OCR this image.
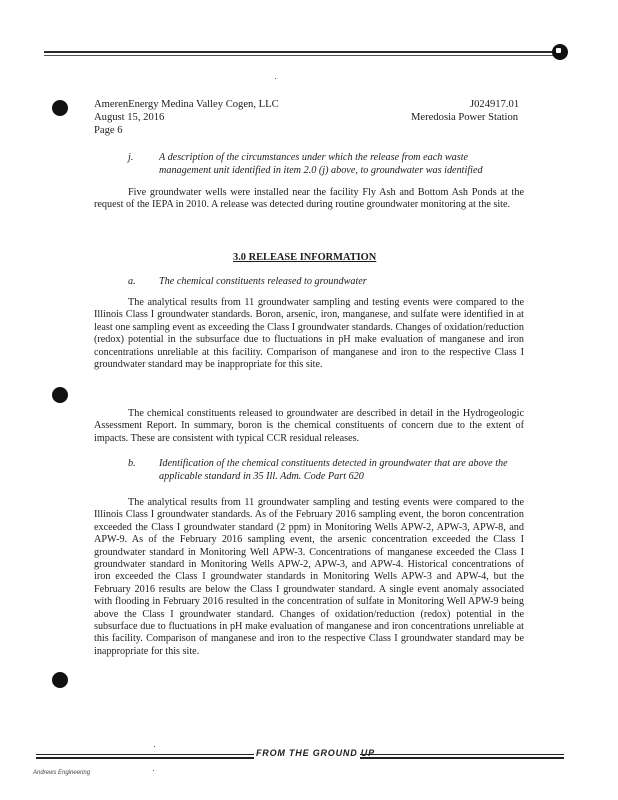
AmerenEnergy Medina Valley Cogen, LLC
August 15, 2016
Page 6
J024917.01
Meredosia Power Station
j.	A description of the circumstances under which the release from each waste management unit identified in item 2.0 (j) above, to groundwater was identified
Five groundwater wells were installed near the facility Fly Ash and Bottom Ash Ponds at the request of the IEPA in 2010. A release was detected during routine groundwater monitoring at the site.
3.0 RELEASE INFORMATION
a. The chemical constituents released to groundwater
The analytical results from 11 groundwater sampling and testing events were compared to the Illinois Class I groundwater standards. Boron, arsenic, iron, manganese, and sulfate were identified in at least one sampling event as exceeding the Class I groundwater standards. Changes of oxidation/reduction (redox) potential in the subsurface due to fluctuations in pH make evaluation of manganese and iron concentrations unreliable at this facility. Comparison of manganese and iron to the respective Class I groundwater standard may be inappropriate for this site.
The chemical constituents released to groundwater are described in detail in the Hydrogeologic Assessment Report. In summary, boron is the chemical constituents of concern due to the extent of impacts. These are consistent with typical CCR residual releases.
b. Identification of the chemical constituents detected in groundwater that are above the applicable standard in 35 Ill. Adm. Code Part 620
The analytical results from 11 groundwater sampling and testing events were compared to the Illinois Class I groundwater standards. As of the February 2016 sampling event, the boron concentration exceeded the Class I groundwater standard (2 ppm) in Monitoring Wells APW-2, APW-3, APW-8, and APW-9. As of the February 2016 sampling event, the arsenic concentration exceeded the Class I groundwater standard in Monitoring Well APW-3. Concentrations of manganese exceeded the Class I groundwater standard in Monitoring Wells APW-2, APW-3, and APW-4. Historical concentrations of iron exceeded the Class I groundwater standards in Monitoring Wells APW-3 and APW-4, but the February 2016 results are below the Class I groundwater standard. A single event anomaly associated with flooding in February 2016 resulted in the concentration of sulfate in Monitoring Well APW-9 being above the Class I groundwater standard. Changes of oxidation/reduction (redox) potential in the subsurface due to fluctuations in pH make evaluation of manganese and iron concentrations unreliable at this facility. Comparison of manganese and iron to the respective Class I groundwater standard may be inappropriate for this site.
FROM THE GROUND UP
Andrews Engineering
